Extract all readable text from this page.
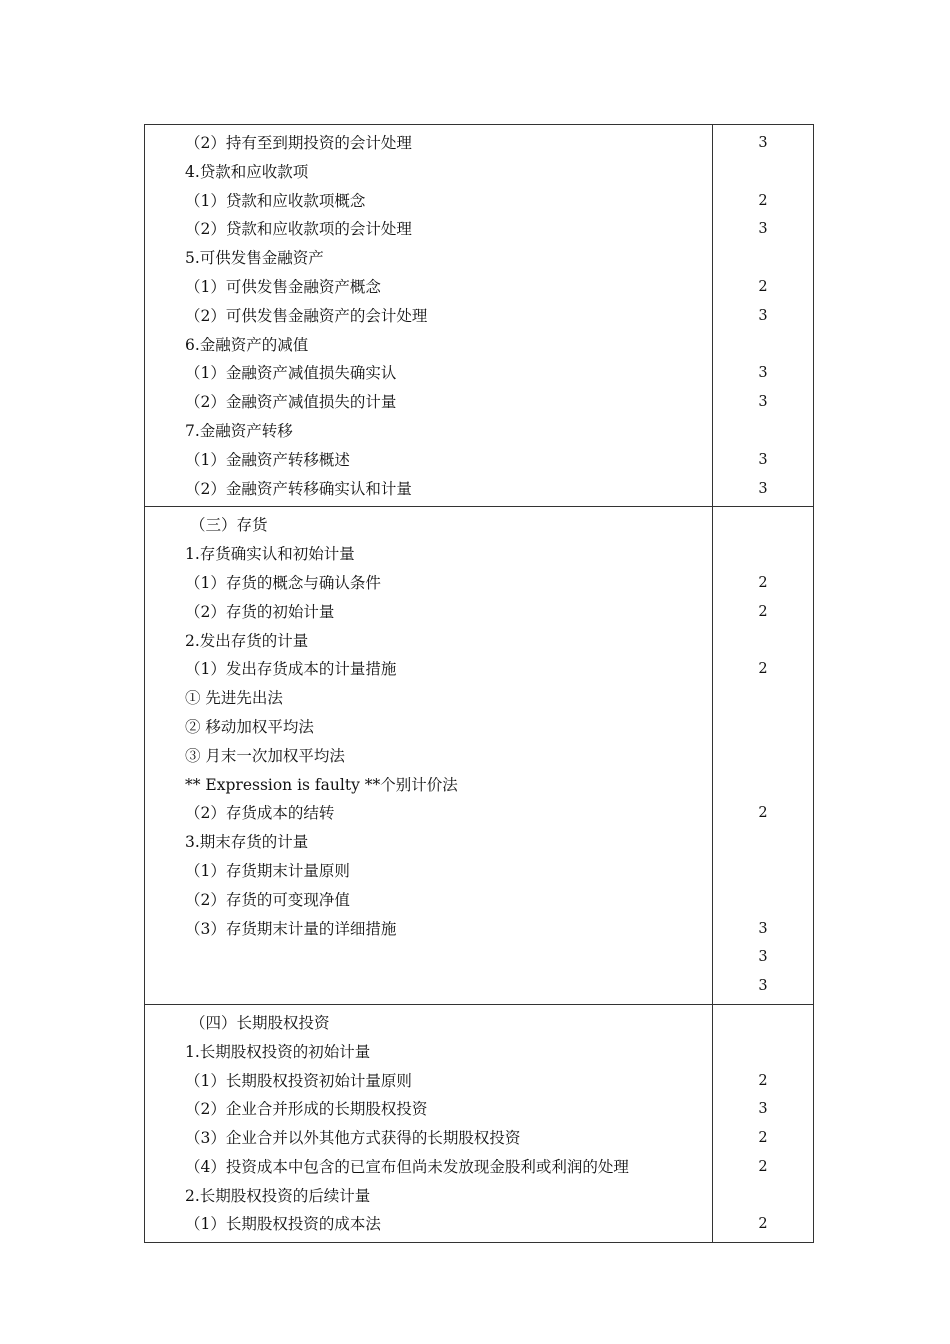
（2）持有至到期投资的会计处理
4.贷款和应收款项
（1）贷款和应收款项概念
（2）贷款和应收款项的会计处理
5.可供发售金融资产
（1）可供发售金融资产概念
（2）可供发售金融资产的会计处理
6.金融资产的减值
（1）金融资产减值损失确实认
（2）金融资产减值损失的计量
7.金融资产转移
（1）金融资产转移概述
（2）金融资产转移确实认和计量
3
2
3
2
3
3
3
3
3
（三）存货
1.存货确实认和初始计量
（1）存货的概念与确认条件
（2）存货的初始计量
2.发出存货的计量
（1）发出存货成本的计量措施
① 先进先出法
② 移动加权平均法
③ 月末一次加权平均法
** Expression is faulty **个别计价法
（2）存货成本的结转
3.期末存货的计量
（1）存货期末计量原则
（2）存货的可变现净值
（3）存货期末计量的详细措施
2
2
2
2
3
3
3
（四）长期股权投资
1.长期股权投资的初始计量
（1）长期股权投资初始计量原则
（2）企业合并形成的长期股权投资
（3）企业合并以外其他方式获得的长期股权投资
（4）投资成本中包含的已宣布但尚未发放现金股利或利润的处理
2.长期股权投资的后续计量
（1）长期股权投资的成本法
2
3
2
2
2
